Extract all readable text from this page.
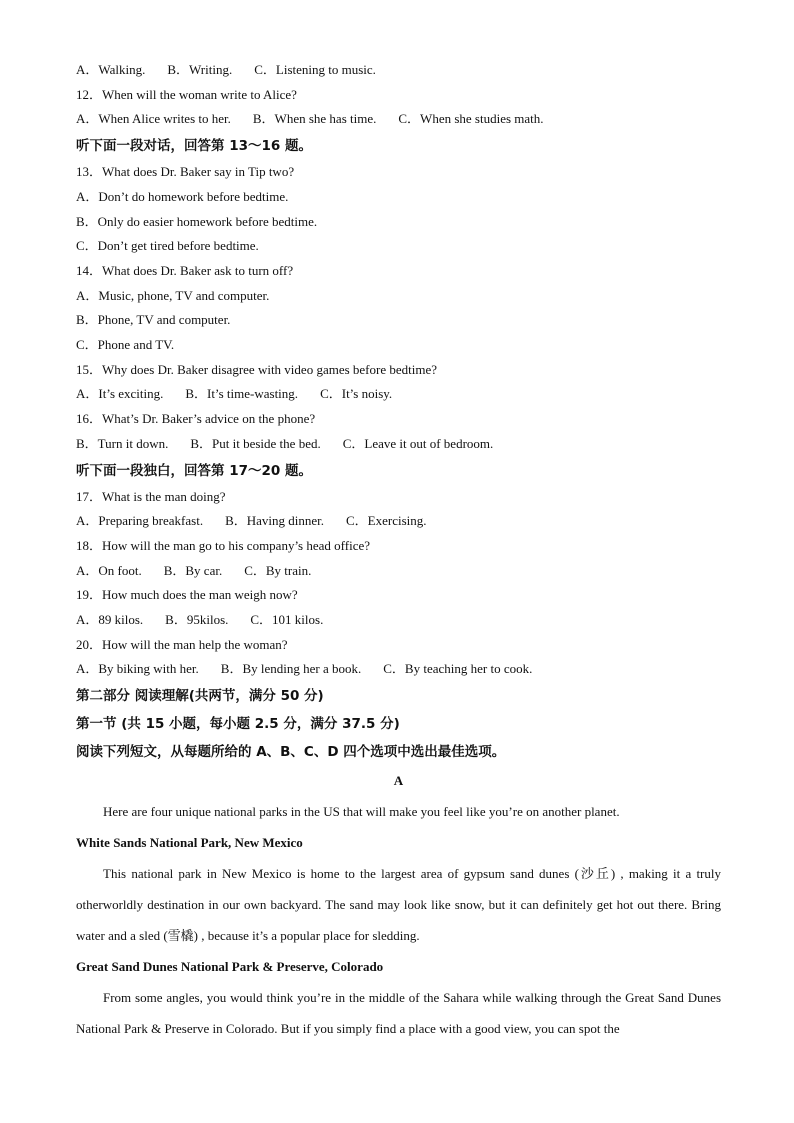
A．Walking. B．Writing. C．Listening to music.
12．When will the woman write to Alice?
A．When Alice writes to her. B．When she has time. C．When she studies math.
听下面一段对话，回答第 13～16 题。
13．What does Dr. Baker say in Tip two?
A．Don’t do homework before bedtime.
B．Only do easier homework before bedtime.
C．Don’t get tired before bedtime.
14．What does Dr. Baker ask to turn off?
A．Music, phone, TV and computer.
B．Phone, TV and computer.
C．Phone and TV.
15．Why does Dr. Baker disagree with video games before bedtime?
A．It’s exciting. B．It’s time-wasting. C．It’s noisy.
16．What’s Dr. Baker’s advice on the phone?
B．Turn it down. B．Put it beside the bed. C．Leave it out of bedroom.
听下面一段独白，回答第 17～20 题。
17．What is the man doing?
A．Preparing breakfast. B．Having dinner. C．Exercising.
18．How will the man go to his company’s head office?
A．On foot. B．By car. C．By train.
19．How much does the man weigh now?
A．89 kilos. B．95kilos. C．101 kilos.
20．How will the man help the woman?
A．By biking with her. B．By lending her a book. C．By teaching her to cook.
第二部分 阅读理解(共两节，满分 50 分)
第一节 (共 15 小题，每小题 2.5 分，满分 37.5 分)
阅读下列短文，从每题所给的 A、B、C、D 四个选项中选出最佳选项。
A
Here are four unique national parks in the US that will make you feel like you’re on another planet.
White Sands National Park, New Mexico
This national park in New Mexico is home to the largest area of gypsum sand dunes (沙丘) , making it a truly otherworldly destination in our own backyard. The sand may look like snow, but it can definitely get hot out there. Bring water and a sled (雪橇) , because it’s a popular place for sledding.
Great Sand Dunes National Park & Preserve, Colorado
From some angles, you would think you’re in the middle of the Sahara while walking through the Great Sand Dunes National Park & Preserve in Colorado. But if you simply find a place with a good view, you can spot the
